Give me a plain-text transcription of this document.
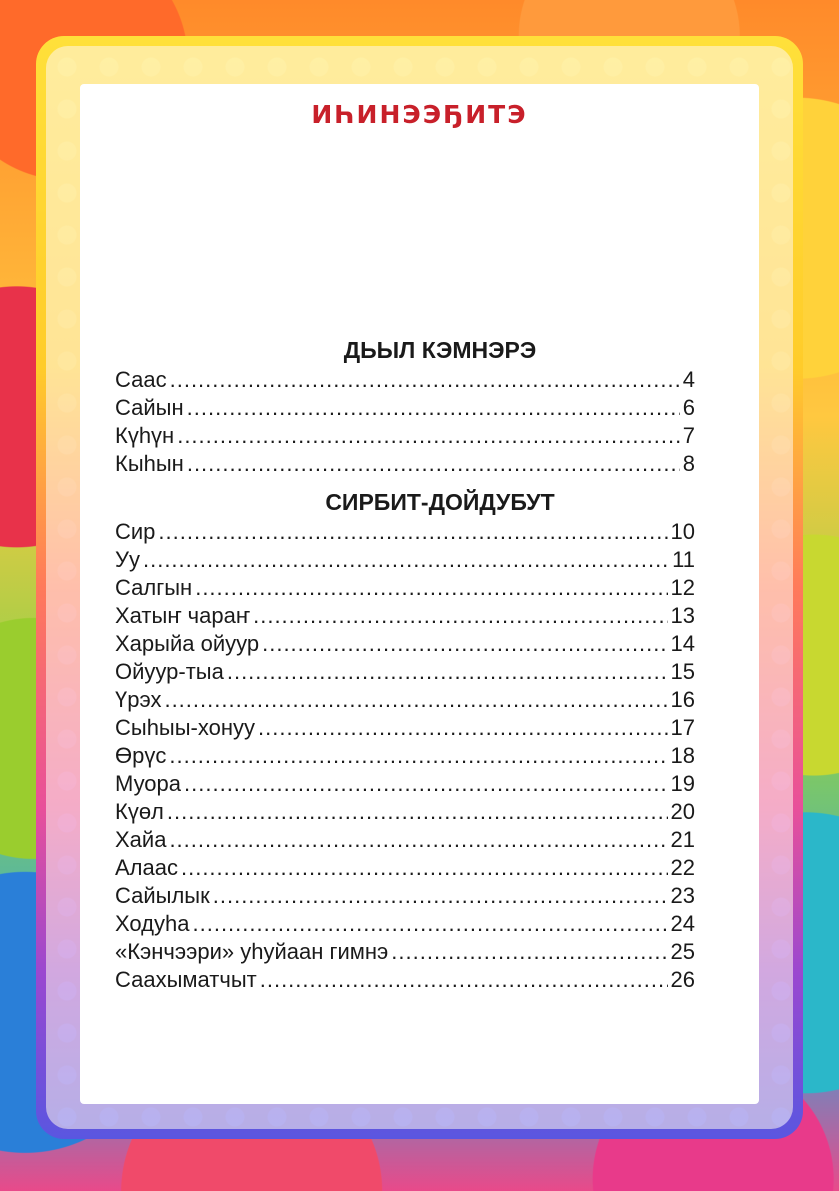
ИҺИНЭЭҔИТЭ
ДЬЫЛ КЭМНЭРЭ
Саас .....	4
Сайын .....	6
Күһүн .....	7
Кыһын .....	8
СИРБИТ-ДОЙДУБУТ
Сир .....	10
Уу .....	11
Салгын .....	12
Хатыҥ чараҥ .....	13
Харыйа ойуур .....	14
Ойуур-тыа .....	15
Үрэх .....	16
Сыһыы-хонуу .....	17
Өрүс .....	18
Муора .....	19
Күөл .....	20
Хайа .....	21
Алаас .....	22
Сайылык .....	23
Ходуһа .....	24
«Кэнчээри» уһуйаан гимнэ .....	25
Саахыматчыт .....	26
